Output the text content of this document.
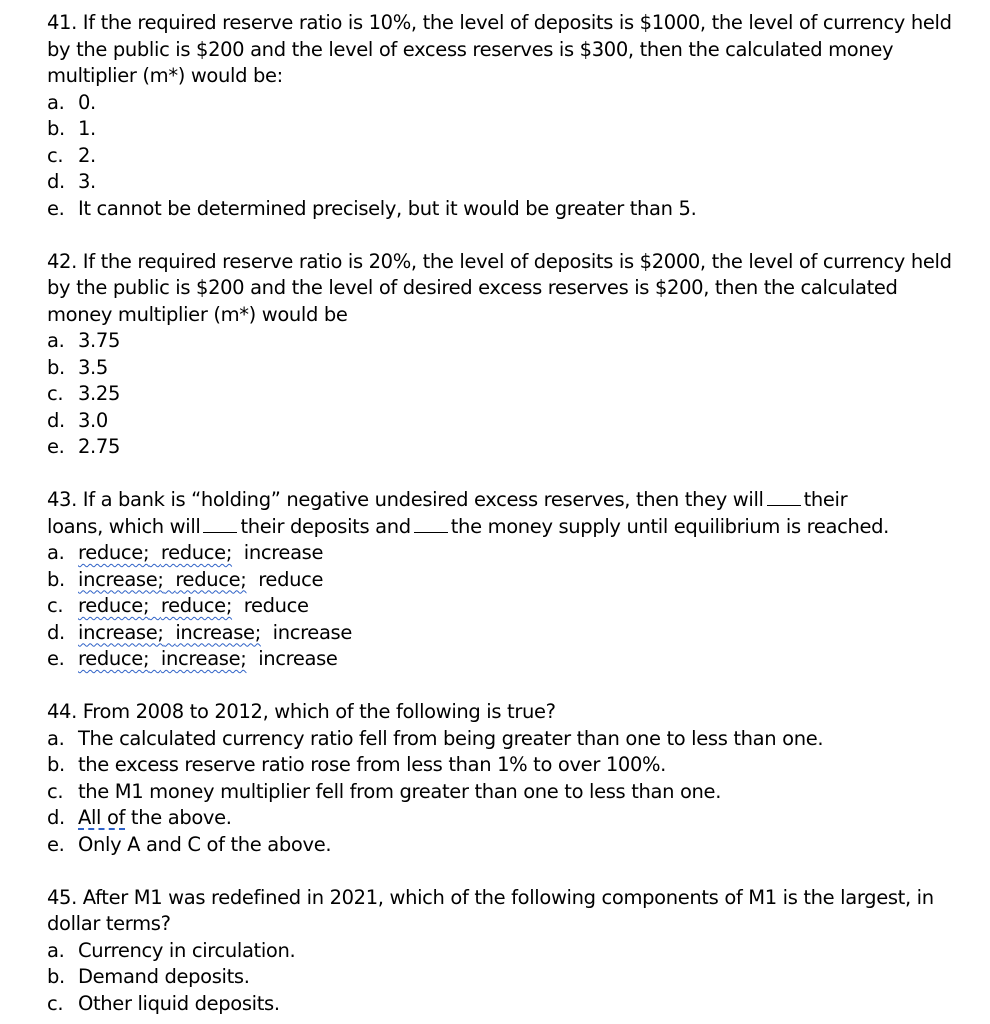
41. If the required reserve ratio is 10%, the level of deposits is $1000, the level of currency held by the public is $200 and the level of excess reserves is $300, then the calculated money multiplier (m*) would be:
a. 0.
b. 1.
c. 2.
d. 3.
e. It cannot be determined precisely, but it would be greater than 5.
42. If the required reserve ratio is 20%, the level of deposits is $2000, the level of currency held by the public is $200 and the level of desired excess reserves is $200, then the calculated money multiplier (m*) would be
a. 3.75
b. 3.5
c. 3.25
d. 3.0
e. 2.75
43. If a bank is “holding” negative undesired excess reserves, then they will their
loans, which will their deposits and the money supply until equilibrium is reached.
a. reduce; reduce;
increase
b. increase; reduce;
reduce
c. reduce; reduce;
reduce
d. increase; increase;
increase
e. reduce; increase;
increase
44. From 2008 to 2012, which of the following is true?
a. The calculated currency ratio fell from being greater than one to less than one.
b. the excess reserve ratio rose from less than 1% to over 100%.
c. the M1 money multiplier fell from greater than one to less than one.
d. All of the above.
e. Only A and C of the above.
45. After M1 was redefined in 2021, which of the following components of M1 is the largest, in dollar terms?
a. Currency in circulation.
b. Demand deposits.
c. Other liquid deposits.
